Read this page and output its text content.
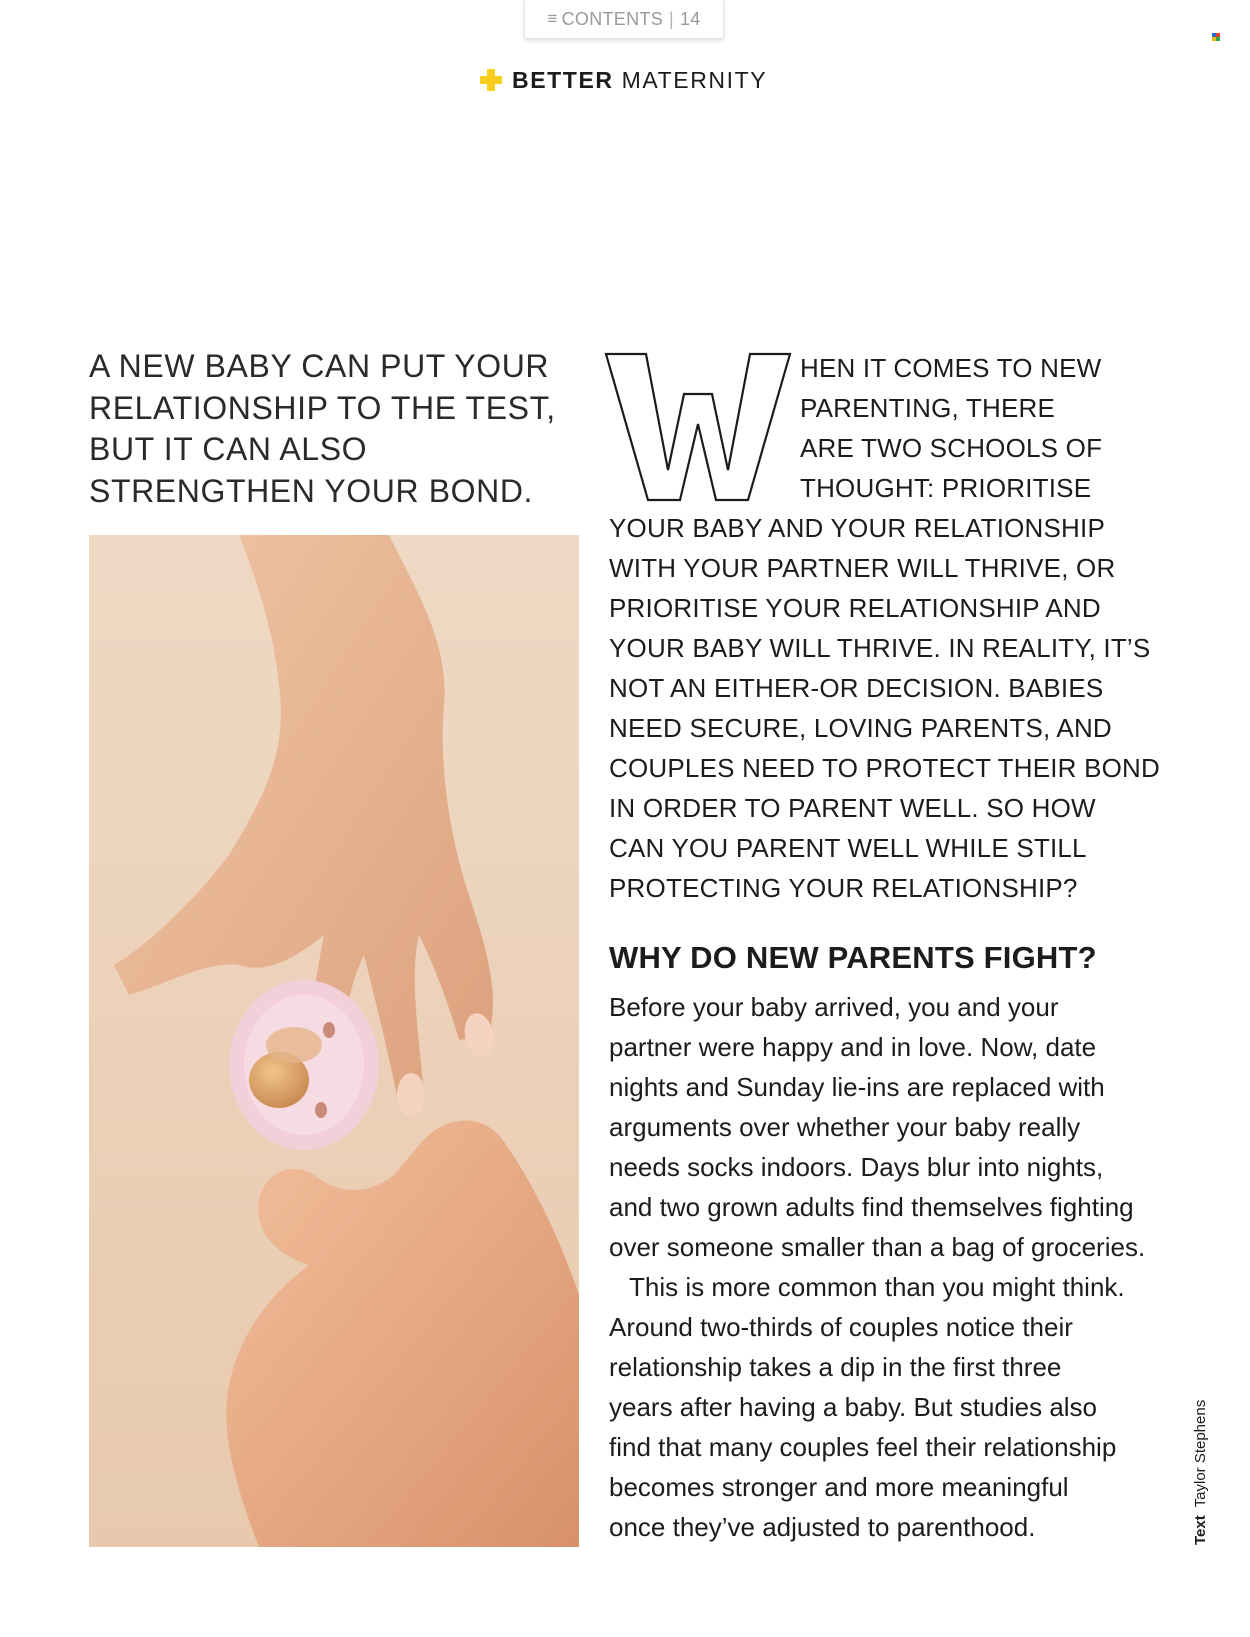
≡ CONTENTS | 14
BETTER MATERNITY

A NEW BABY CAN PUT YOUR RELATIONSHIP TO THE TEST, BUT IT CAN ALSO STRENGTHEN YOUR BOND.

HEN IT COMES TO NEW
PARENTING, THERE
ARE TWO SCHOOLS OF
THOUGHT: PRIORITISE
YOUR BABY AND YOUR RELATIONSHIP
WITH YOUR PARTNER WILL THRIVE, OR
PRIORITISE YOUR RELATIONSHIP AND
YOUR BABY WILL THRIVE. IN REALITY, IT’S
NOT AN EITHER-OR DECISION. BABIES
NEED SECURE, LOVING PARENTS, AND
COUPLES NEED TO PROTECT THEIR BOND
IN ORDER TO PARENT WELL. SO HOW
CAN YOU PARENT WELL WHILE STILL
PROTECTING YOUR RELATIONSHIP?
WHY DO NEW PARENTS FIGHT?
Before your baby arrived, you and your
partner were happy and in love. Now, date
nights and Sunday lie-ins are replaced with
arguments over whether your baby really
needs socks indoors. Days blur into nights,
and two grown adults find themselves fighting
over someone smaller than a bag of groceries.
This is more common than you might think.
Around two-thirds of couples notice their
relationship takes a dip in the first three
years after having a baby. But studies also
find that many couples feel their relationship
becomes stronger and more meaningful
once they’ve adjusted to parenthood.	Text Taylor Stephens
